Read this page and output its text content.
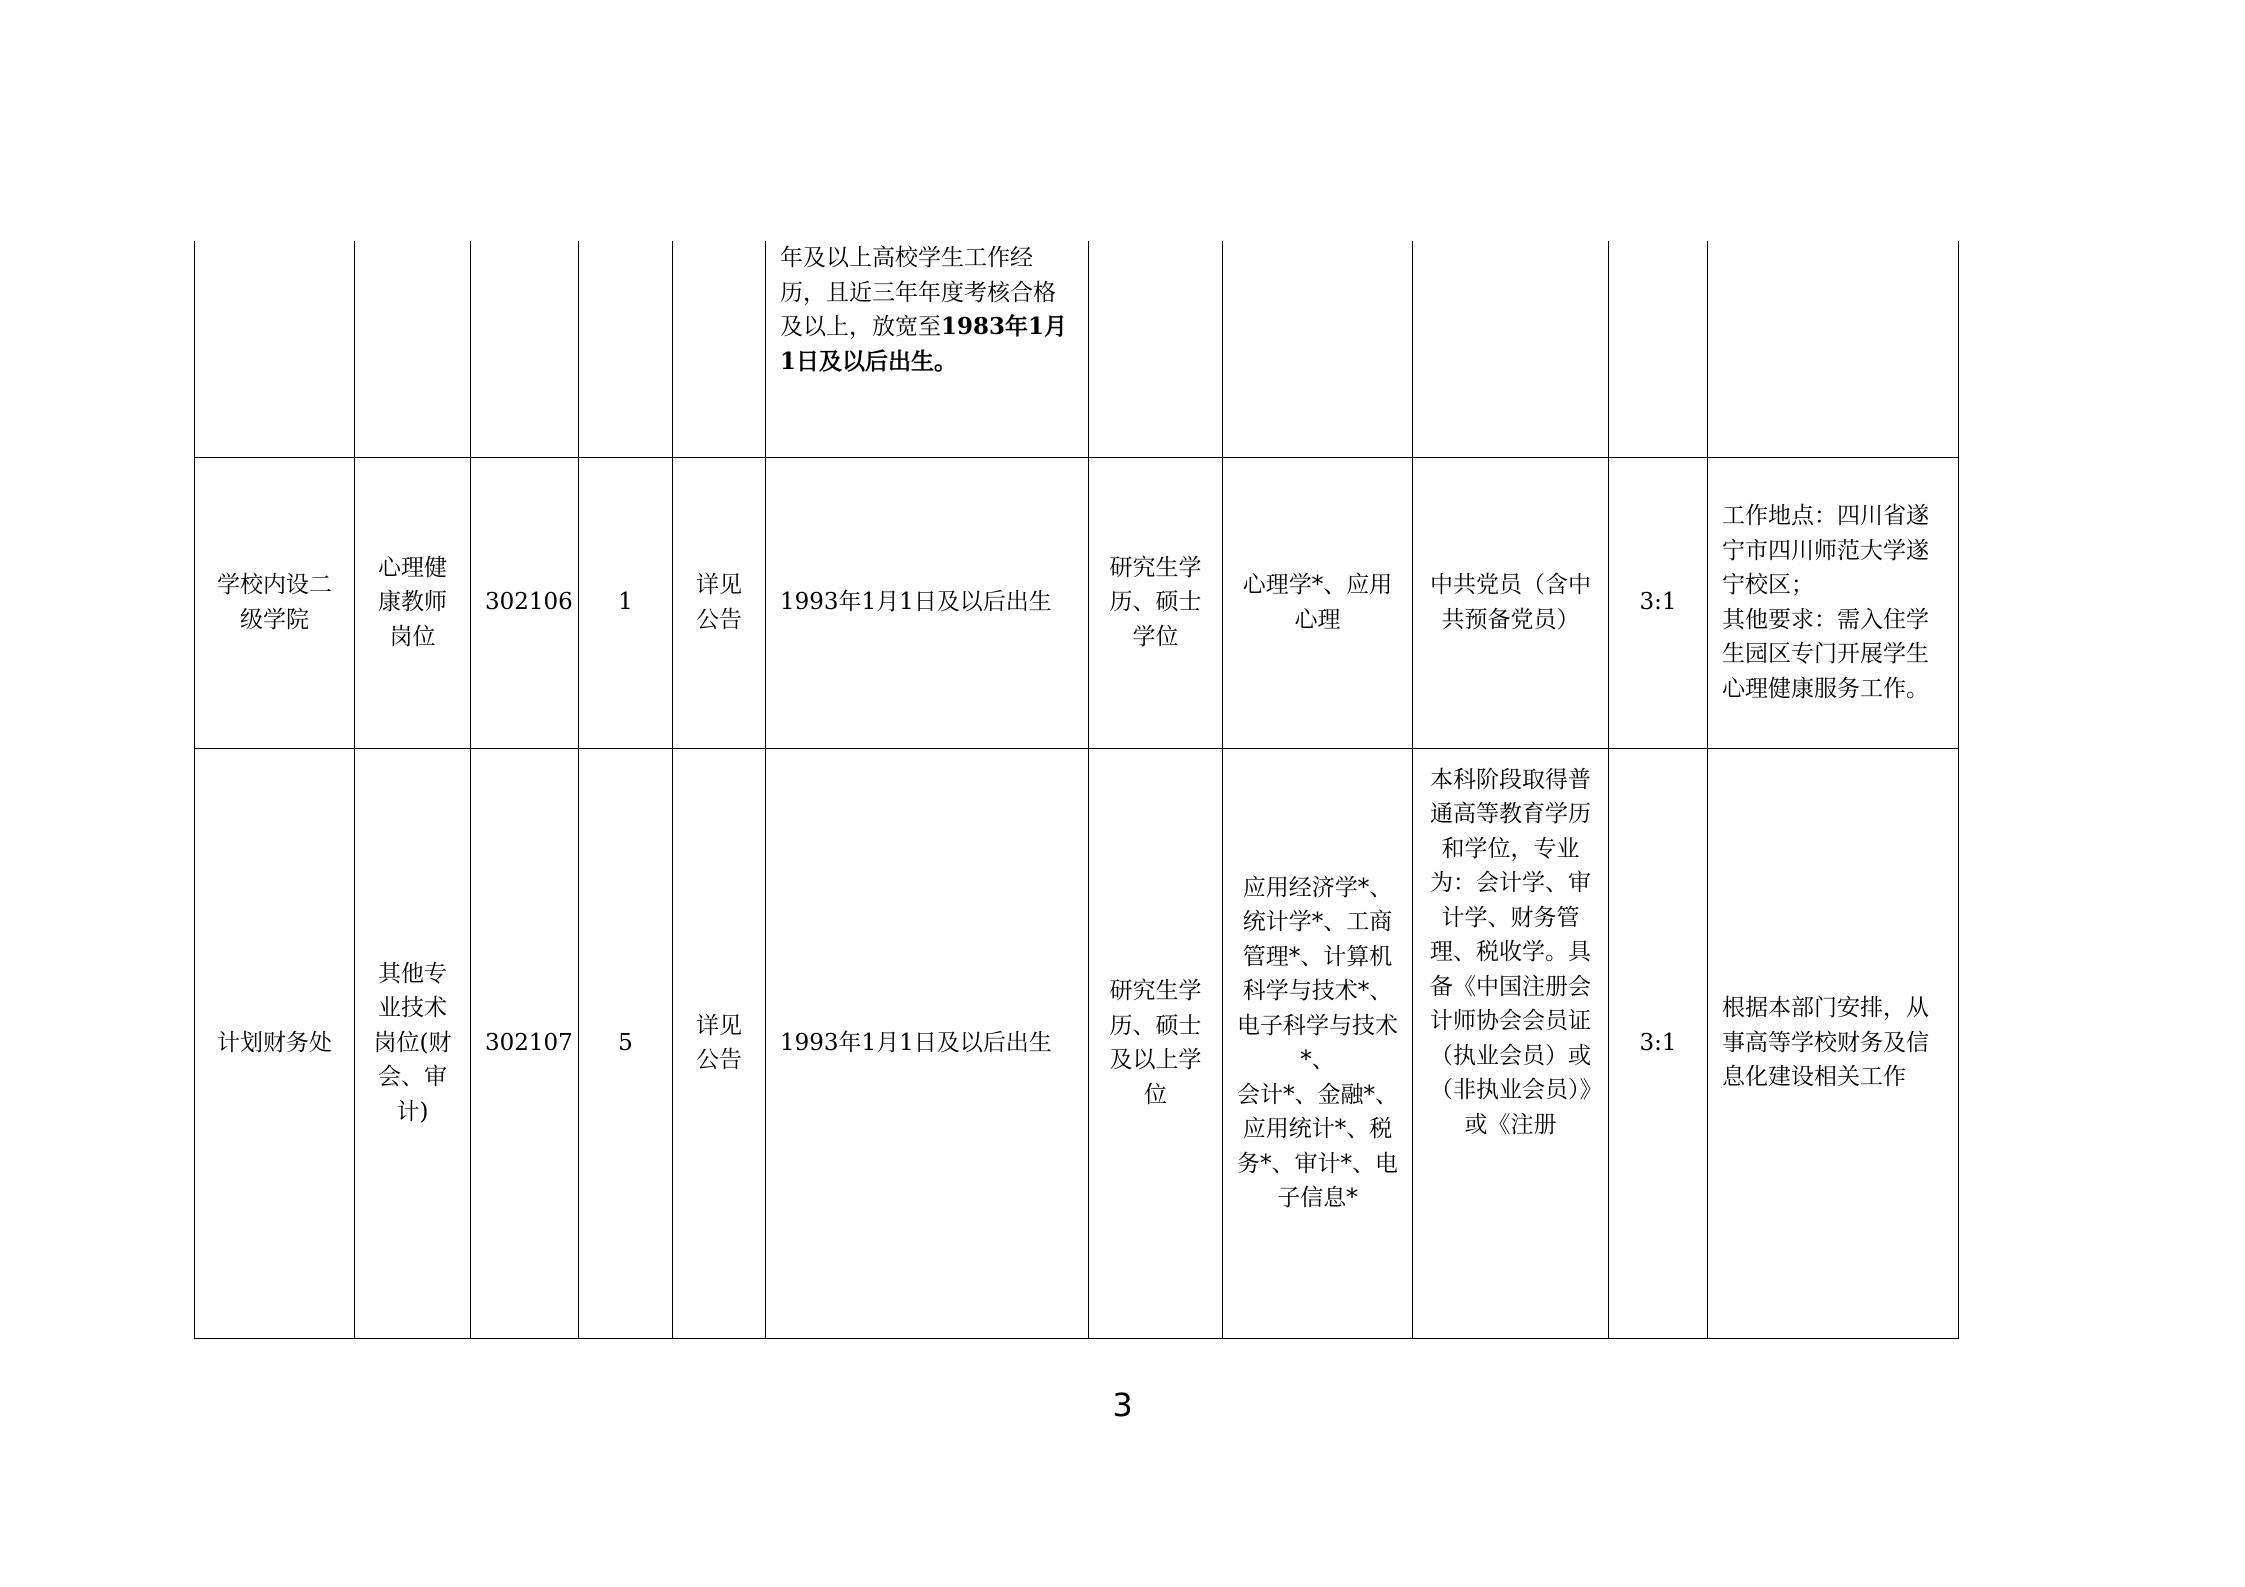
					年及以上高校学生工作经
历，且近三年年度考核合格
及以上，放宽至1983年1月
1日及以后出生。					
学校内设二级学院	心理健康教师岗位	302106	1	详见公告	1993年1月1日及以后出生	研究生学历、硕士学位	心理学*、应用心理	中共党员（含中共预备党员）	3:1	工作地点：四川省遂宁市四川师范大学遂宁校区；
其他要求：需入住学生园区专门开展学生心理健康服务工作。
计划财务处	其他专业技术岗位(财会、审计)	302107	5	详见公告	1993年1月1日及以后出生	研究生学历、硕士及以上学位	应用经济学*、统计学*、工商管理*、计算机科学与技术*、电子科学与技术*、
会计*、金融*、应用统计*、税务*、审计*、电子信息*	本科阶段取得普通高等教育学历和学位，专业为：会计学、审计学、财务管理、税收学。具备《中国注册会计师协会会员证（执业会员）或（非执业会员）》或《注册	3:1	根据本部门安排，从事高等学校财务及信息化建设相关工作
3
